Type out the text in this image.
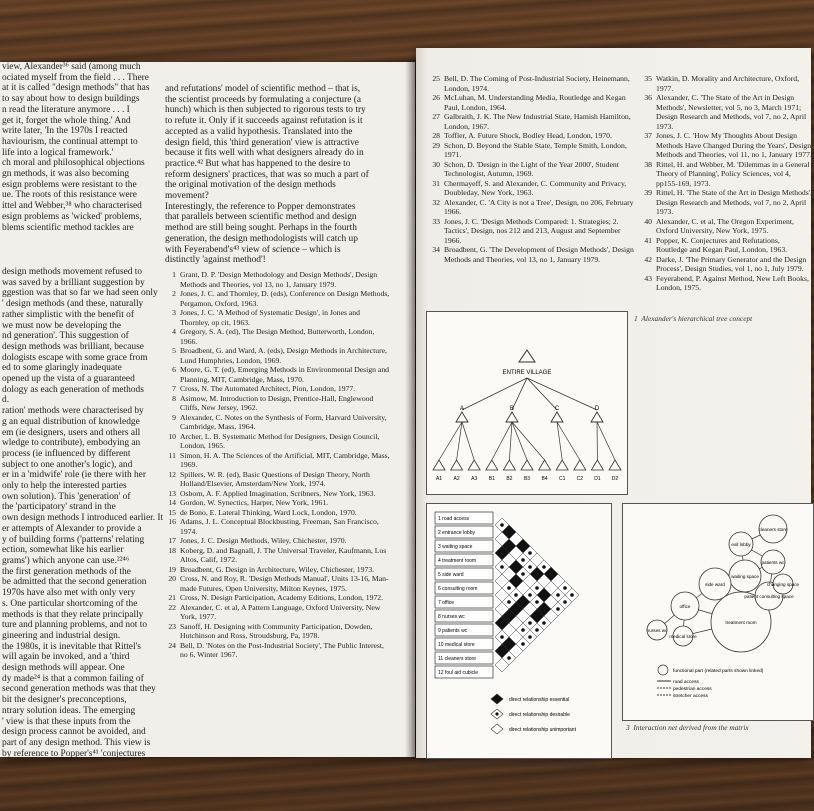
view, Alexander³⁶ said (among much
ociated myself from the field . . . There
at it is called "design methods" that has
to say about how to design buildings
n read the literature anymore . . . I
get it, forget the whole thing.' And
write later, 'In the 1970s I reacted
haviourism, the continual attempt to
life into a logical framework.'
ch moral and philosophical objections
gn methods, it was also becoming
esign problems were resistant to the
ue. The roots of this resistance were
ittel and Webber,³⁸ who characterised
esign problems as 'wicked' problems,
blems scientific method tackles are
design methods movement refused to
was saved by a brilliant suggestion by
ggestion was that so far we had seen only
' design methods (and these, naturally
rather simplistic with the benefit of
we must now be developing the
nd generation'. This suggestion of
design methods was brilliant, because
dologists escape with some grace from
ed to some glaringly inadequate
opened up the vista of a guaranteed
dology as each generation of methods
d.
ration' methods were characterised by
g an equal distribution of knowledge
em (ie designers, users and others all
wledge to contribute), embodying an
process (ie influenced by different
subject to one another's logic), and
er in a 'midwife' role (ie there with her
only to help the interested parties
own solution). This 'generation' of
the 'participatory' strand in the
own design methods I introduced earlier. It
er attempts of Alexander to provide a
y of building forms ('patterns' relating
ection, somewhat like his earlier
grams') which anyone can use.²²⁴⁶
the first generation methods of the
be admitted that the second generation
1970s have also met with only very
s. One particular shortcoming of the
methods is that they relate principally
ture and planning problems, and not to
gineering and industrial design.
the 1980s, it is inevitable that Rittel's
will again be invoked, and a 'third
design methods will appear. One
dy made²⁴ is that a common failing of
second generation methods was that they
bit the designer's preconceptions,
ntrary solution ideas. The emerging
' view is that these inputs from the
design process cannot be avoided, and
part of any design method. This view is
by reference to Popper's⁴¹ 'conjectures
and refutations' model of scientific method – that is,
the scientist proceeds by formulating a conjecture (a
hunch) which is then subjected to rigorous tests to try
to refute it. Only if it succeeds against refutation is it
accepted as a valid hypothesis. Translated into the
design field, this 'third generation' view is attractive
because it fits well with what designers already do in
practice.⁴² But what has happened to the desire to
reform designers' practices, that was so much a part of
the original motivation of the design methods
movement?
Interestingly, the reference to Popper demonstrates
that parallels between scientific method and design
method are still being sought. Perhaps in the fourth
generation, the design methodologists will catch up
with Feyerabend's⁴³ view of science – which is
distinctly 'against method'!
1 Grant, D. P. 'Design Methodology and Design Methods', Design Methods and Theories, vol 13, no 1, January 1979.
2 Jones, J. C. and Thornley, D. (eds), Conference on Design Methods, Pergamon, Oxford, 1963.
3 Jones, J. C. 'A Method of Systematic Design', in Jones and Thornley, op cit, 1963.
4 Gregory, S. A. (ed), The Design Method, Butterworth, London, 1966.
5 Broadbent, G. and Ward, A. (eds), Design Methods in Architecture, Lund Humphries, London, 1969.
6 Moore, G. T. (ed), Emerging Methods in Environmental Design and Planning, MIT, Cambridge, Mass, 1970.
7 Cross, N. The Automated Architect, Pion, London, 1977.
8 Asimow, M. Introduction to Design, Prentice-Hall, Englewood Cliffs, New Jersey, 1962.
9 Alexander, C. Notes on the Synthesis of Form, Harvard University, Cambridge, Mass, 1964.
10 Archer, L. B. Systematic Method for Designers, Design Council, London, 1965.
11 Simon, H. A. The Sciences of the Artificial, MIT, Cambridge, Mass, 1969.
12 Spillers, W. R. (ed), Basic Questions of Design Theory, North Holland/Elsevier, Amsterdam/New York, 1974.
13 Osborn, A. F. Applied Imagination, Scribners, New York, 1963.
14 Gordon, W. Synectics, Harper, New York, 1961.
15 de Bono, E. Lateral Thinking, Ward Lock, London, 1970.
16 Adams, J. L. Conceptual Blockbusting, Freeman, San Francisco, 1974.
17 Jones, J. C. Design Methods, Wiley, Chichester, 1970.
18 Koberg, D. and Bagnall, J. The Universal Traveler, Kaufmann, Los Altos, Calif, 1972.
19 Broadbent, G. Design in Architecture, Wiley, Chichester, 1973.
20 Cross, N. and Roy, R. 'Design Methods Manual', Units 13-16, Man-made Futures, Open University, Milton Keynes, 1975.
21 Cross, N. Design Participation, Academy Editions, London, 1972.
22 Alexander, C. et al, A Pattern Language, Oxford University, New York, 1977.
23 Sanoff, H. Designing with Community Participation, Dowden, Hutchinson and Ross, Stroudsburg, Pa, 1978.
24 Bell, D. 'Notes on the Post-Industrial Society', The Public Interest, no 6, Winter 1967.
25 Bell, D. The Coming of Post-Industrial Society, Heinemann, London, 1974.
26 McLuhan, M. Understanding Media, Routledge and Kegan Paul, London, 1964.
27 Galbraith, J. K. The New Industrial State, Hamish Hamilton, London, 1967.
28 Toffler, A. Future Shock, Bodley Head, London, 1970.
29 Schon, D. Beyond the Stable State, Temple Smith, London, 1971.
30 Schon, D. 'Design in the Light of the Year 2000', Student Technologist, Autumn, 1969.
31 Chermayeff, S. and Alexander, C. Community and Privacy, Doubleday, New York, 1963.
32 Alexander, C. 'A City is not a Tree', Design, no 206, February 1966.
33 Jones, J. C. 'Design Methods Compared: 1. Strategies; 2. Tactics', Design, nos 212 and 213, August and September 1966.
34 Broadbent, G. 'The Development of Design Methods', Design Methods and Theories, vol 13, no 1, January 1979.
35 Watkin, D. Morality and Architecture, Oxford, 1977.
36 Alexander, C. 'The State of the Art in Design Methods', Newsletter, vol 5, no 3, March 1971; Design Research and Methods, vol 7, no 2, April 1973.
37 Jones, J. C. 'How My Thoughts About Design Methods Have Changed During the Years', Design Methods and Theories, vol 11, no 1, January 1977.
38 Rittel, H. and Webber, M. 'Dilemmas in a General Theory of Planning', Policy Sciences, vol 4, pp155-169, 1973.
39 Rittel, H. 'The State of the Art in Design Methods', Design Research and Methods, vol 7, no 2, April 1973.
40 Alexander, C. et al, The Oregon Experiment, Oxford University, New York, 1975.
41 Popper, K. Conjectures and Refutations, Routledge and Kegan Paul, London, 1963.
42 Darke, J. 'The Primary Generator and the Design Process', Design Studies, vol 1, no 1, July 1979.
43 Feyerabend, P. Against Method, New Left Books, London, 1975.
ENTIRE VILLAGE
A	B	C	D
A1 A2 A3 B1 B2 B3 B4 C1 C2 D1 D2
1 Alexander's hierarchical tree concept
1 road access
2 entrance lobby
3 waiting space
4 treatment room
5 side ward
6 consulting room
7 office
8 nurses wc
9 patients wc
10 medical store
11 cleaners store
12 foul aid cubicle
direct relationship essential
direct relationship desirable
direct relationship unimportant
2 Interaction matrix for an architectural design problem
cleaners store
exit lobby
patients wc
waiting space
side ward
treatment room
office
nurses wc
medical store
patient consulting space
changing space
functional part (related parts shown linked)
road access
pedestrian access
stretcher access
3 Interaction net derived from the matrix
